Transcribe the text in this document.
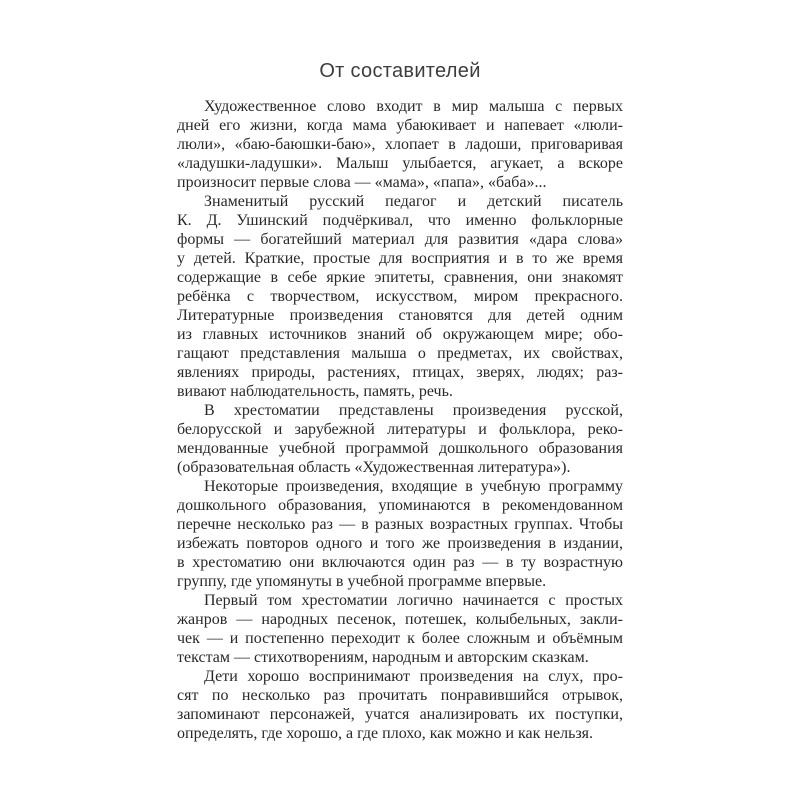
От составителей
Художественное слово входит в мир малыша с первых
дней его жизни, когда мама убаюкивает и напевает «люли-
люли», «баю-баюшки-баю», хлопает в ладоши, приговаривая
«ладушки-ладушки». Малыш улыбается, агукает, а вскоре
произносит первые слова — «мама», «папа», «баба»...
Знаменитый русский педагог и детский писатель
К. Д. Ушинский подчёркивал, что именно фольклорные
формы — богатейший материал для развития «дара слова»
у детей. Краткие, простые для восприятия и в то же время
содержащие в себе яркие эпитеты, сравнения, они знакомят
ребёнка с творчеством, искусством, миром прекрасного.
Литературные произведения становятся для детей одним
из главных источников знаний об окружающем мире; обо-
гащают представления малыша о предметах, их свойствах,
явлениях природы, растениях, птицах, зверях, людях; раз-
вивают наблюдательность, память, речь.
В хрестоматии представлены произведения русской,
белорусской и зарубежной литературы и фольклора, реко-
мендованные учебной программой дошкольного образования
(образовательная область «Художественная литература»).
Некоторые произведения, входящие в учебную программу
дошкольного образования, упоминаются в рекомендованном
перечне несколько раз — в разных возрастных группах. Чтобы
избежать повторов одного и того же произведения в издании,
в хрестоматию они включаются один раз — в ту возрастную
группу, где упомянуты в учебной программе впервые.
Первый том хрестоматии логично начинается с простых
жанров — народных песенок, потешек, колыбельных, закли-
чек — и постепенно переходит к более сложным и объёмным
текстам — стихотворениям, народным и авторским сказкам.
Дети хорошо воспринимают произведения на слух, про-
сят по несколько раз прочитать понравившийся отрывок,
запоминают персонажей, учатся анализировать их поступки,
определять, где хорошо, а где плохо, как можно и как нельзя.
